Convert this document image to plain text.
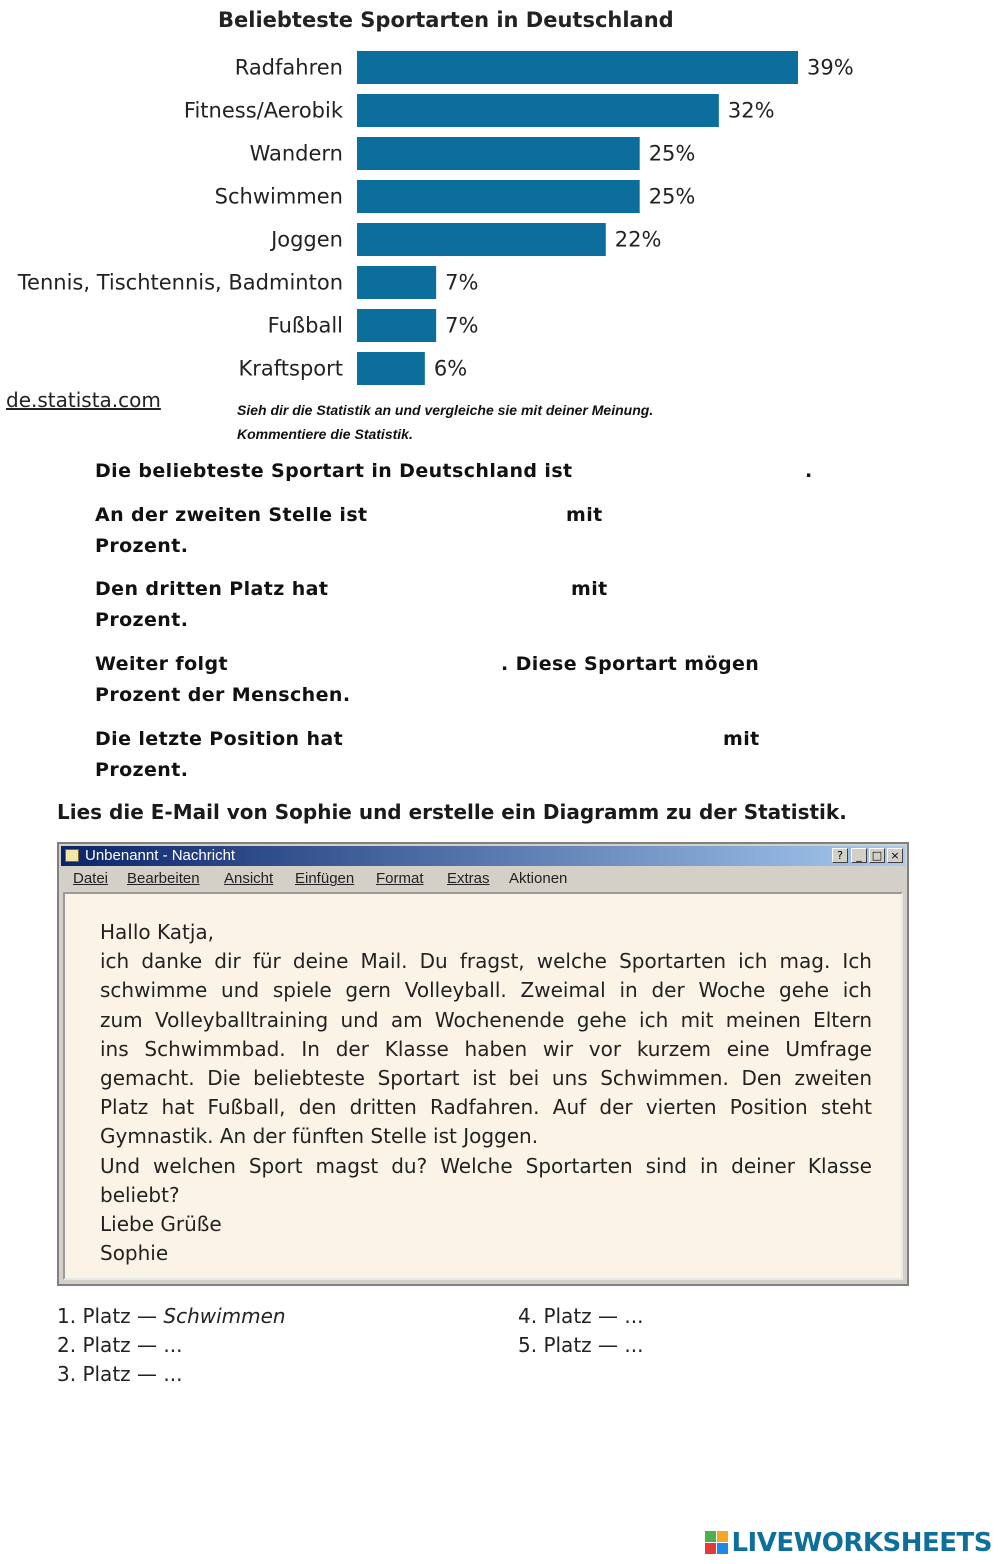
Beliebteste Sportarten in Deutschland
Radfahren	39%
Fitness/Aerobik	32%
Wandern	25%
Schwimmen	25%
Joggen	22%
Tennis, Tischtennis, Badminton	7%
Fußball	7%
Kraftsport	6%
de.statista.com	Sieh dir die Statistik an und vergleiche sie mit deiner Meinung.
Kommentiere die Statistik.
Die beliebteste Sportart in Deutschland ist	.
An der zweiten Stelle ist	mit
Prozent.
Den dritten Platz hat	mit
Prozent.
Weiter folgt	. Diese Sportart mögen
Prozent der Menschen.
Die letzte Position hat	mit
Prozent.
Lies die E-Mail von Sophie und erstelle ein Diagramm zu der Statistik.
Unbenannt - Nachricht	?	_ □ ×
Datei Bearbeiten Ansicht Einfügen Format Extras Aktionen
Hallo Katja,
ich danke dir für deine Mail. Du fragst, welche Sportarten ich mag. Ich
schwimme und spiele gern Volleyball. Zweimal in der Woche gehe ich
zum Volleyballtraining und am Wochenende gehe ich mit meinen Eltern
ins Schwimmbad. In der Klasse haben wir vor kurzem eine Umfrage
gemacht. Die beliebteste Sportart ist bei uns Schwimmen. Den zweiten
Platz hat Fußball, den dritten Radfahren. Auf der vierten Position steht
Gymnastik. An der fünften Stelle ist Joggen.
Und welchen Sport magst du? Welche Sportarten sind in deiner Klasse
beliebt?
Liebe Grüße
Sophie
1. Platz — Schwimmen
2. Platz — ...
3. Platz — ...
4. Platz — ...
5. Platz — ...
LIVEWORKSHEETS
